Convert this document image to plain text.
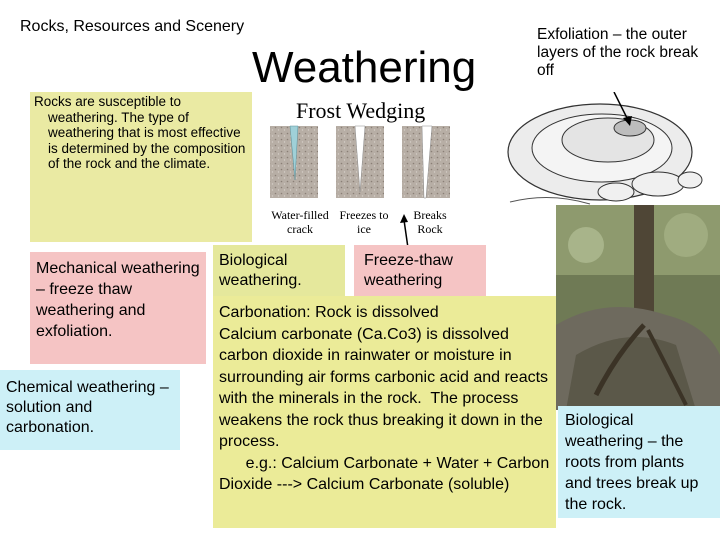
Rocks, Resources and Scenery
Weathering
Rocks are susceptible to weathering. The type of weathering that is most effective is determined by the composition of the rock and the climate.
Frost Wedging
Water-filled crack
Freezes to ice
Breaks Rock
Exfoliation – the outer layers of the rock break off
Mechanical weathering – freeze thaw weathering and exfoliation.
Chemical weathering – solution and carbonation.
Biological weathering.
Freeze-thaw weathering
Carbonation: Rock is dissolved
Calcium carbonate (Ca.Co3) is dissolved carbon dioxide in rainwater or moisture in  surrounding air forms carbonic acid and reacts with the minerals in the rock.  The process weakens the rock thus breaking it down in the process.
e.g.: Calcium Carbonate + Water + Carbon Dioxide ---> Calcium Carbonate (soluble)
Biological weathering – the roots from plants and trees break up the rock.
